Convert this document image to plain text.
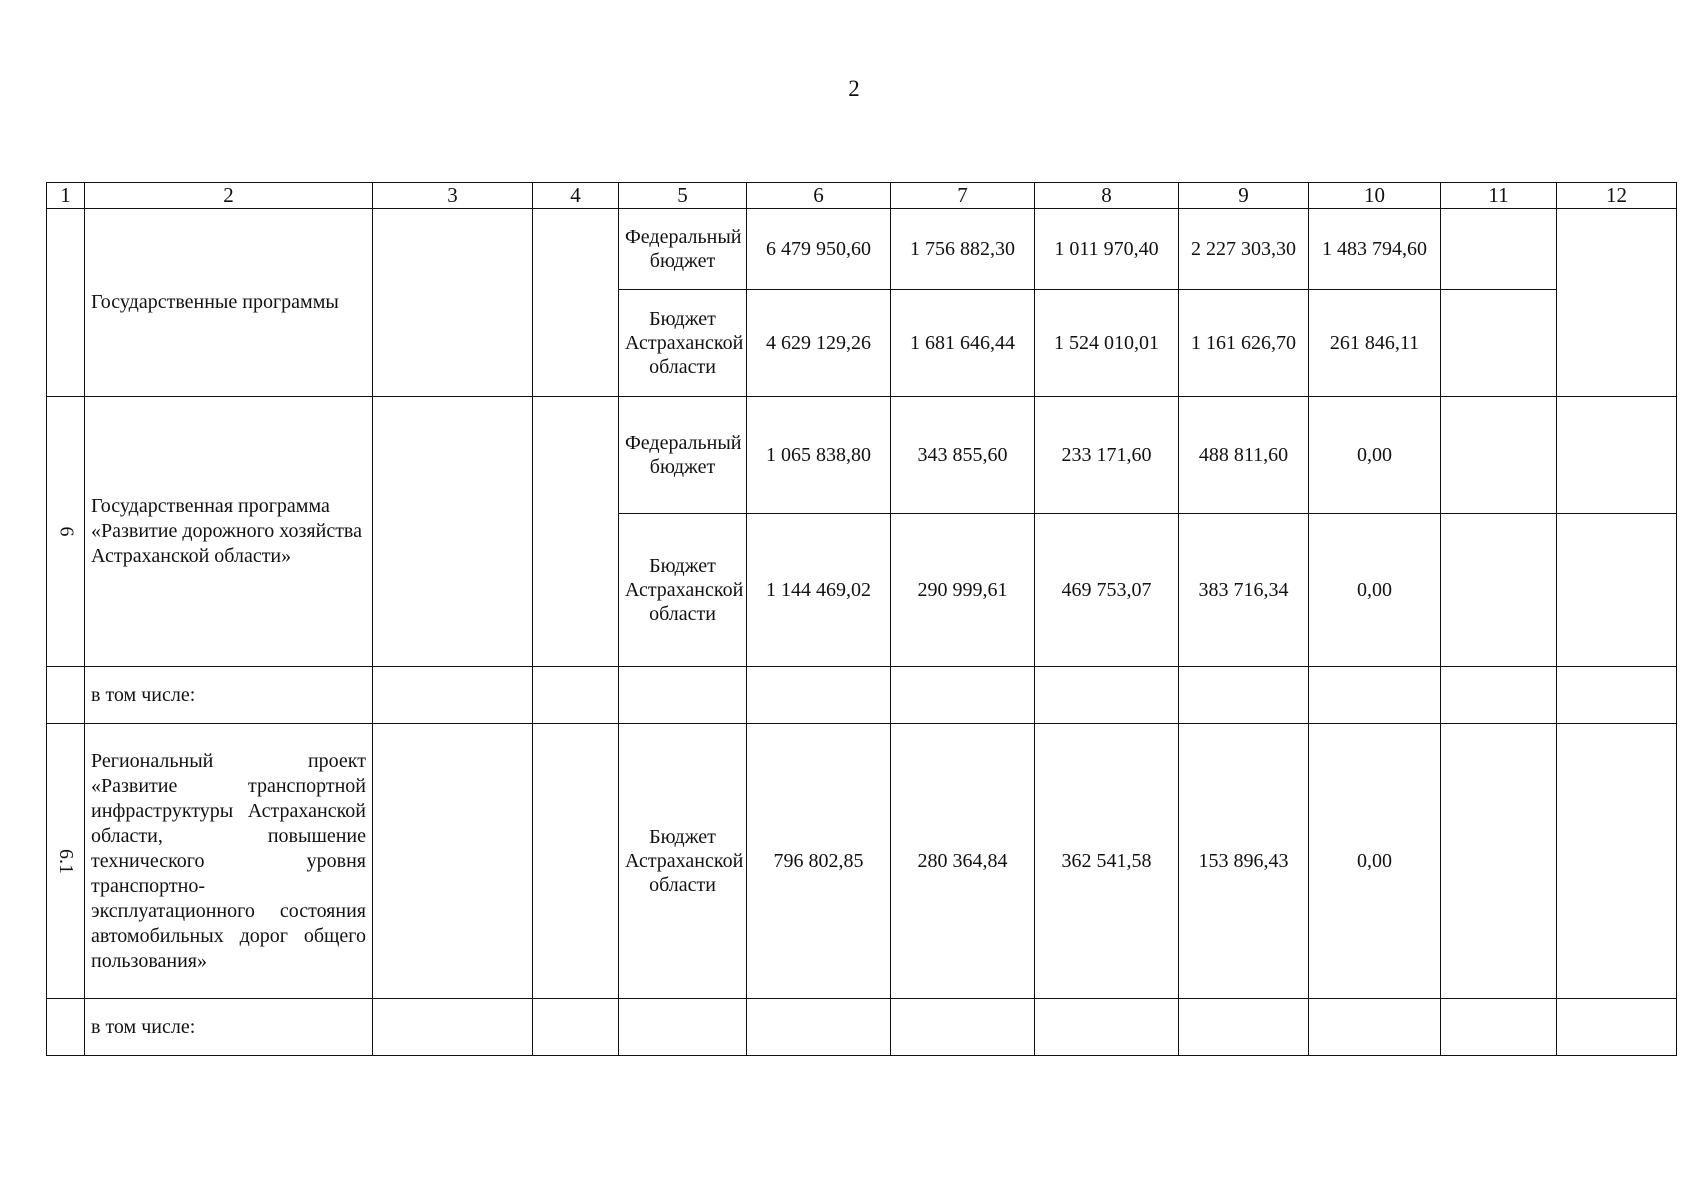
2
1	2	3	4	5	6	7	8	9	10	11	12
	Государственные программы			Федеральный бюджет	6 479 950,60	1 756 882,30	1 011 970,40	2 227 303,30	1 483 794,60		
				Бюджет Астраханской области	4 629 129,26	1 681 646,44	1 524 010,01	1 161 626,70	261 846,11		
6	Государственная программа «Развитие дорожного хозяйства Астраханской области»			Федеральный бюджет	1 065 838,80	343 855,60	233 171,60	488 811,60	0,00		
				Бюджет Астраханской области	1 144 469,02	290 999,61	469 753,07	383 716,34	0,00		
	в том числе:										
6.1	Региональный проект «Развитие транспортной инфраструктуры Астраханской области, повышение технического уровня транспортно-эксплуатационного состояния автомобильных дорог общего пользования»			Бюджет Астраханской области	796 802,85	280 364,84	362 541,58	153 896,43	0,00		
	в том числе:										
